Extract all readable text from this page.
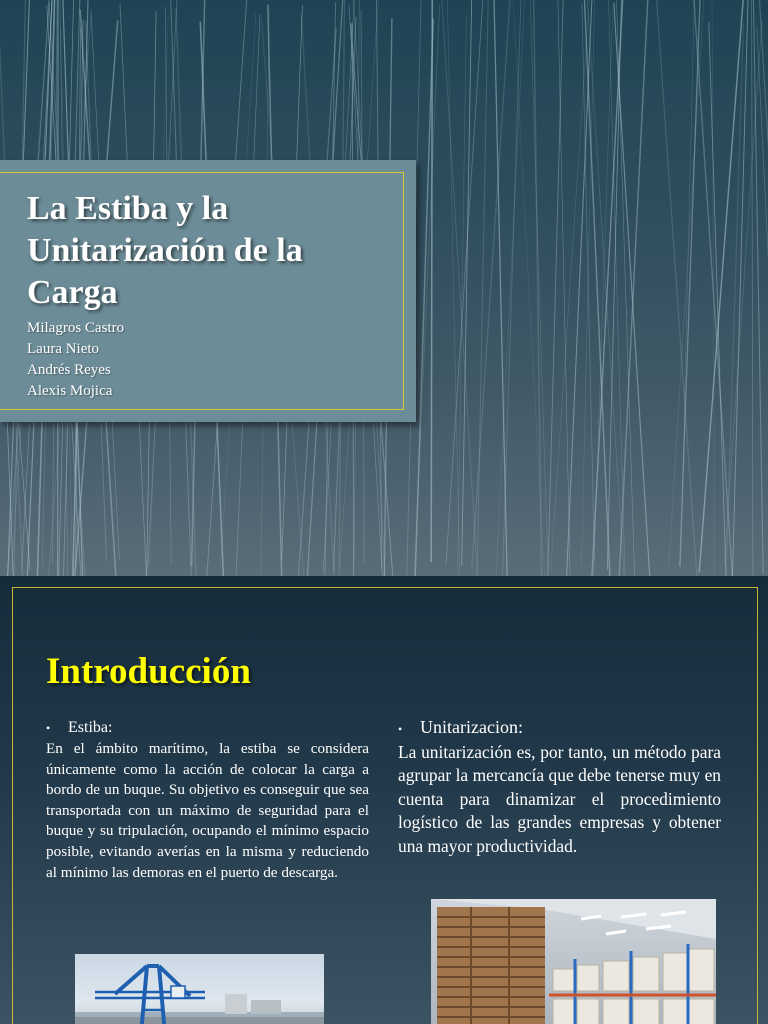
La Estiba y la Unitarización de la Carga
Milagros Castro
Laura Nieto
Andrés Reyes
Alexis Mojica
Introducción
•	Estiba:

En el ámbito marítimo, la estiba se considera únicamente como la acción de colocar la carga a bordo de un buque. Su objetivo es conseguir que sea transportada con un máximo de seguridad para el buque y su tripulación, ocupando el mínimo espacio posible, evitando averías en la misma y reduciendo al mínimo las demoras en el puerto de descarga.

• Unitarizacion:

La unitarización es, por tanto, un método para agrupar la mercancía que debe tenerse muy en cuenta para dinamizar el procedimiento logístico de las grandes empresas y obtener una mayor productividad.
